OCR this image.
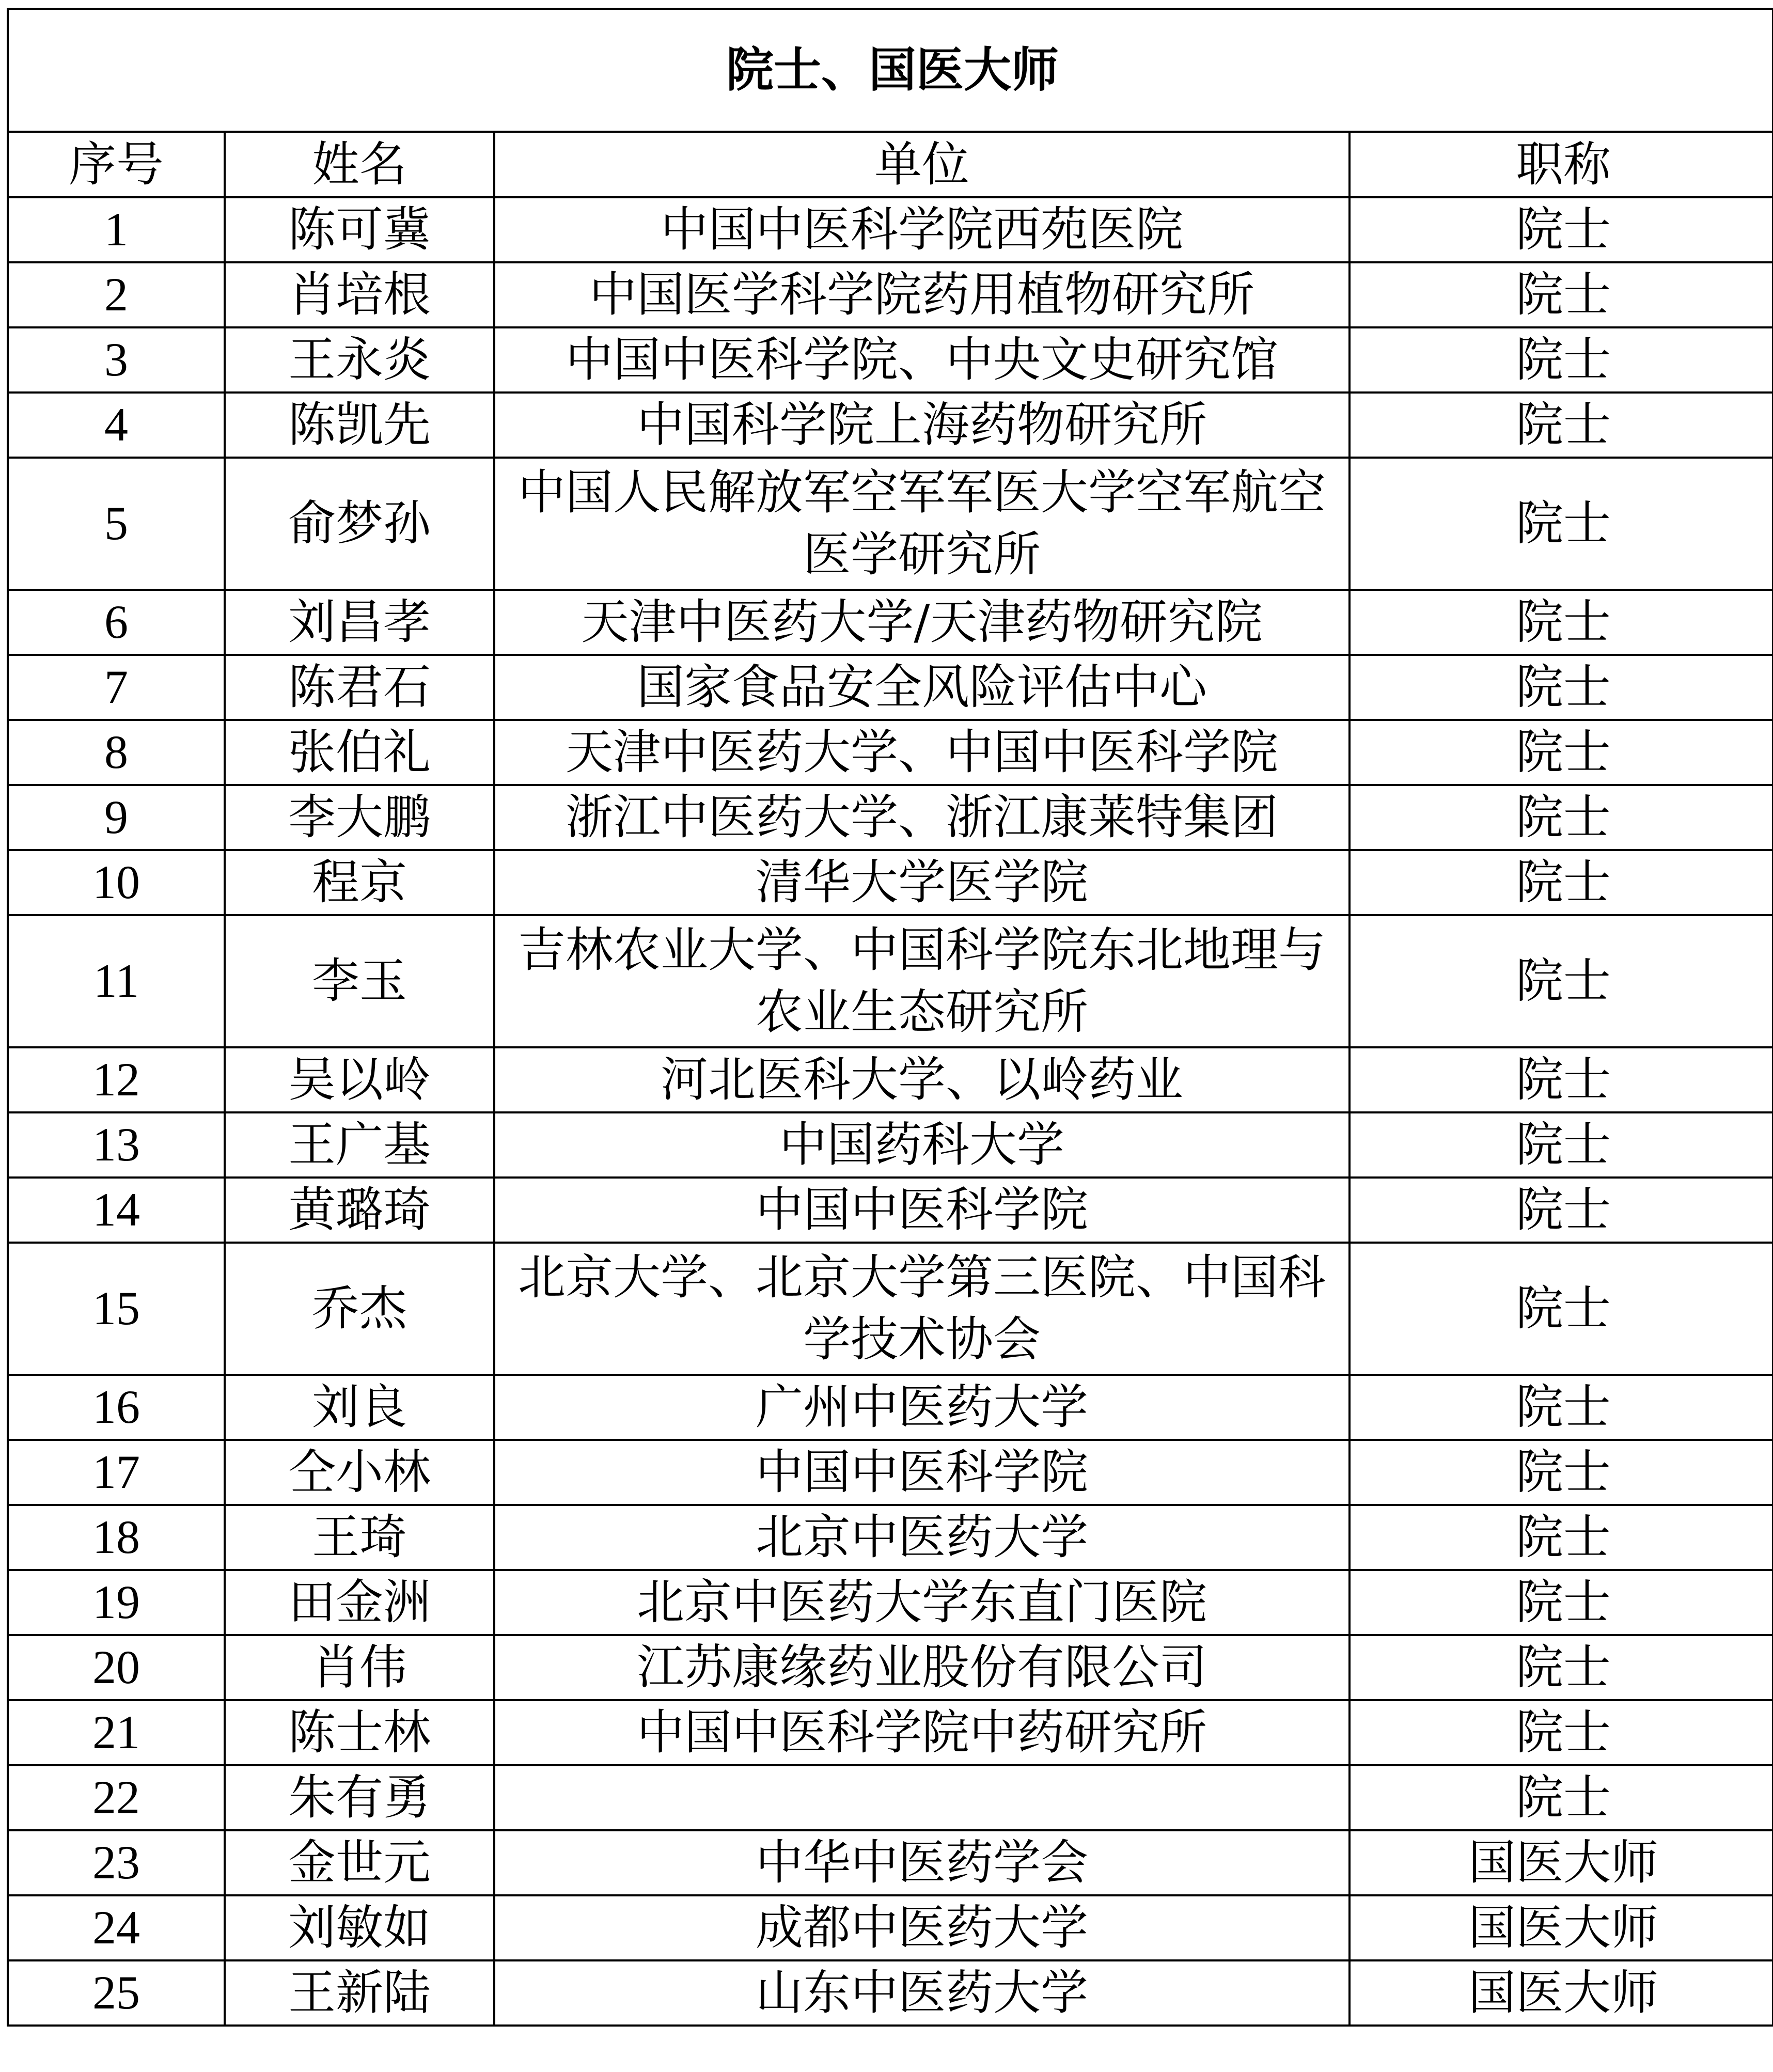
院士、国医大师			
序号	姓名	单位	职称
1	陈可冀	中国中医科学院西苑医院	院士
2	肖培根	中国医学科学院药用植物研究所	院士
3	王永炎	中国中医科学院、中央文史研究馆	院士
4	陈凯先	中国科学院上海药物研究所	院士
5	俞梦孙	中国人民解放军空军军医大学空军航空医学研究所	院士
6	刘昌孝	天津中医药大学/天津药物研究院	院士
7	陈君石	国家食品安全风险评估中心	院士
8	张伯礼	天津中医药大学、中国中医科学院	院士
9	李大鹏	浙江中医药大学、浙江康莱特集团	院士
10	程京	清华大学医学院	院士
11	李玉	吉林农业大学、中国科学院东北地理与农业生态研究所	院士
12	吴以岭	河北医科大学、以岭药业	院士
13	王广基	中国药科大学	院士
14	黄璐琦	中国中医科学院	院士
15	乔杰	北京大学、北京大学第三医院、中国科学技术协会	院士
16	刘良	广州中医药大学	院士
17	仝小林	中国中医科学院	院士
18	王琦	北京中医药大学	院士
19	田金洲	北京中医药大学东直门医院	院士
20	肖伟	江苏康缘药业股份有限公司	院士
21	陈士林	中国中医科学院中药研究所	院士
22	朱有勇		院士
23	金世元	中华中医药学会	国医大师
24	刘敏如	成都中医药大学	国医大师
25	王新陆	山东中医药大学	国医大师
